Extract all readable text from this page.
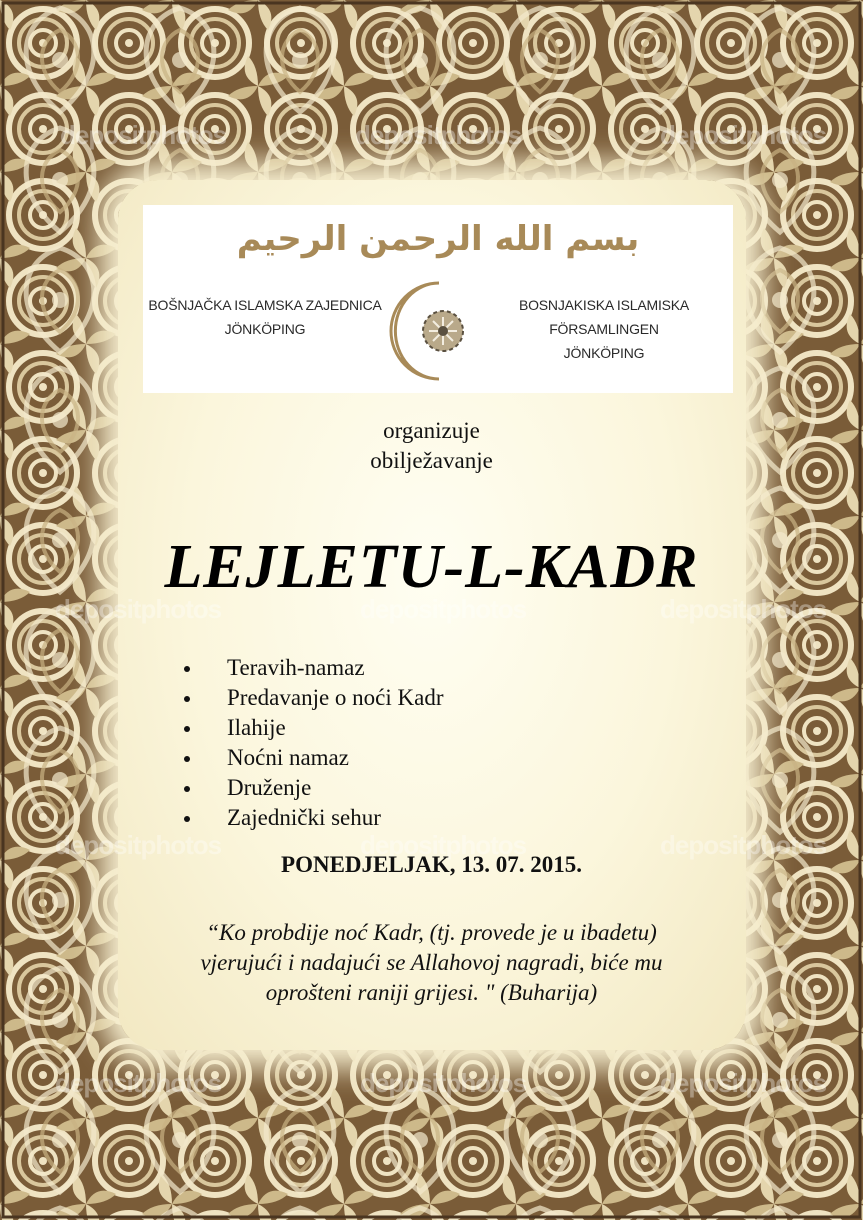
depositphotos	depositphotos	depositphotos
depositphotos	depositphotos	depositphotos
depositphotos	depositphotos	depositphotos
depositphotos	depositphotos	depositphotos
بسم الله الرحمن الرحيم
BOŠNJAČKA ISLAMSKA ZAJEDNICA
JÖNKÖPING
BOSNJAKISKA ISLAMISKA FÖRSAMLINGEN
JÖNKÖPING
organizuje
obilježavanje
LEJLETU-L-KADR
Teravih-namaz
Predavanje o noći Kadr
Ilahije
Noćni namaz
Druženje
Zajednički sehur
PONEDJELJAK, 13. 07. 2015.
“Ko probdije noć Kadr, (tj. provede je u ibadetu)
vjerujući i nadajući se Allahovoj nagradi, biće mu
oprošteni raniji grijesi. " (Buharija)
